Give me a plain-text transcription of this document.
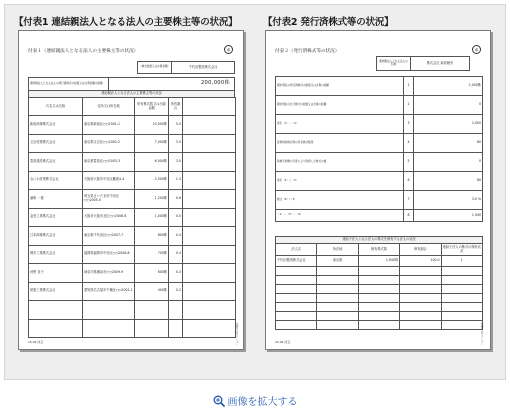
【付表1 連結親法人となる法人の主要株主等の状況】	【付表2 発行済株式等の状況】
付表１（連結親法人となる法人の主要株主等の状況）	承
（株式総数又は出資金額）	千代田製造株式会社
連結親法人となる法人の発行済株式の総数又は出資金額の総額	200,000株
連結親法人となる法人の主要株主等の状況
氏名又は名称	住所又は所在地	所有株式数又は出資金額	所有割合	
新宿商事株式会社	東京都新宿区○○2001-1	10,000株	5.0	
文京産業株式会社	東京都文京区○○2002-2	7,000株	3.5	
豊島建設株式会社	東京都豊島区○○2003-3	6,000株	3.0	
なにわ産業株式会社	大阪府大阪市中央区難波4-4	2,500株	1.3	
浦和 一郎	埼玉県さいたま市中央区○○2005-5	1,200株	0.6	
金堂工業株式会社	大阪市大阪市北区○○2006-6	1,000株	0.5	
日本商事株式会社	東京都千代田区○○2007-7	800株	0.4	
博多工業株式会社	福岡県福岡市中央区○○2008-8	700株	0.4	
河野 花子	神奈川県横浜市○○2009-9	600株	0.3	
尾張工業株式会社	愛知県名古屋市千種区○○2001-1	400株	0.2	

（法０２０１－３）
15.04 改正
付表２（発行済株式等の状況）	承
連結親法人となる法人の名称	株式会社 新宿販売
期末現在の発行済株式の総数又は出資の総額	1	2,000株
期末現在の自己株式の総数又は出資の総額	2	0
差引（1）－（2）	3	2,000
従業員持株会等の所有株式数等	4	60
新株予約権の行使により取得した株式の数	5	0
差引（4）＋（5）	6	60
割合（6）/（3）	7	3.0 %
（1）－（5）－（6）	8	1,940
連結子法人となる法人の株式を保有する法人の状況				
法人名	所在地	保有株式数	保有割合	連結子法人の株式の保有状況
千代田製造株式会社	東京都	1,940株	100.0	1

（法０２０１－３）
22.04 改正
画像を拡大する
